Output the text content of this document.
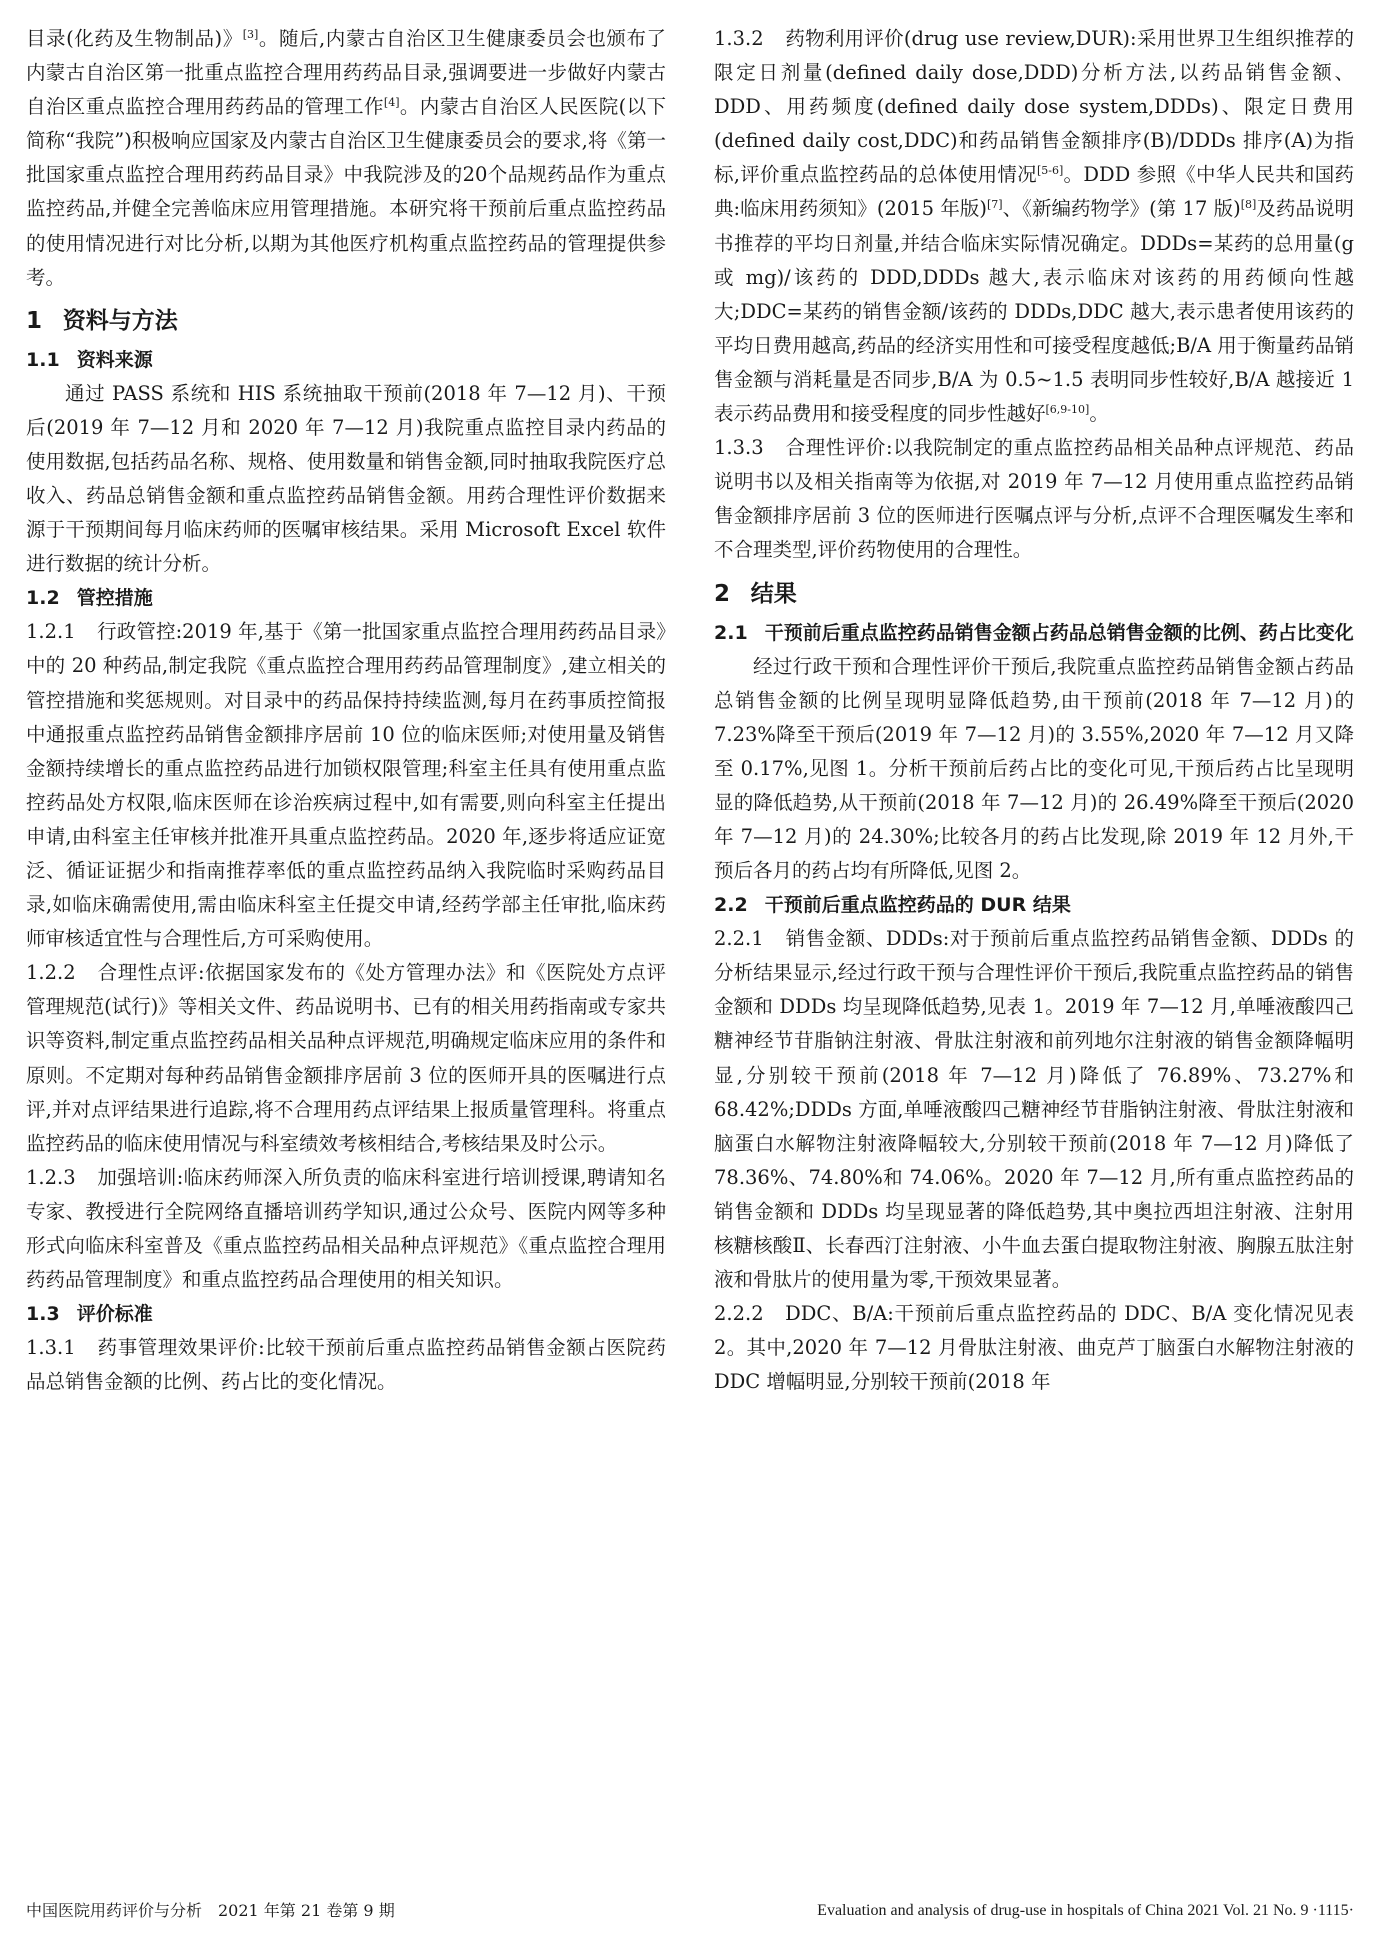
目录(化药及生物制品)》[3]。随后,内蒙古自治区卫生健康委员会也颁布了内蒙古自治区第一批重点监控合理用药药品目录,强调要进一步做好内蒙古自治区重点监控合理用药药品的管理工作[4]。内蒙古自治区人民医院(以下简称“我院”)积极响应国家及内蒙古自治区卫生健康委员会的要求,将《第一批国家重点监控合理用药药品目录》中我院涉及的20个品规药品作为重点监控药品,并健全完善临床应用管理措施。本研究将干预前后重点监控药品的使用情况进行对比分析,以期为其他医疗机构重点监控药品的管理提供参考。

1 资料与方法
1.1 资料来源

通过 PASS 系统和 HIS 系统抽取干预前(2018 年 7—12 月)、干预后(2019 年 7—12 月和 2020 年 7—12 月)我院重点监控目录内药品的使用数据,包括药品名称、规格、使用数量和销售金额,同时抽取我院医疗总收入、药品总销售金额和重点监控药品销售金额。用药合理性评价数据来源于干预期间每月临床药师的医嘱审核结果。采用 Microsoft Excel 软件进行数据的统计分析。

1.2 管控措施

1.2.1 行政管控:2019 年,基于《第一批国家重点监控合理用药药品目录》中的 20 种药品,制定我院《重点监控合理用药药品管理制度》,建立相关的管控措施和奖惩规则。对目录中的药品保持持续监测,每月在药事质控简报中通报重点监控药品销售金额排序居前 10 位的临床医师;对使用量及销售金额持续增长的重点监控药品进行加锁权限管理;科室主任具有使用重点监控药品处方权限,临床医师在诊治疾病过程中,如有需要,则向科室主任提出申请,由科室主任审核并批准开具重点监控药品。2020 年,逐步将适应证宽泛、循证证据少和指南推荐率低的重点监控药品纳入我院临时采购药品目录,如临床确需使用,需由临床科室主任提交申请,经药学部主任审批,临床药师审核适宜性与合理性后,方可采购使用。

1.2.2 合理性点评:依据国家发布的《处方管理办法》和《医院处方点评管理规范(试行)》等相关文件、药品说明书、已有的相关用药指南或专家共识等资料,制定重点监控药品相关品种点评规范,明确规定临床应用的条件和原则。不定期对每种药品销售金额排序居前 3 位的医师开具的医嘱进行点评,并对点评结果进行追踪,将不合理用药点评结果上报质量管理科。将重点监控药品的临床使用情况与科室绩效考核相结合,考核结果及时公示。

1.2.3 加强培训:临床药师深入所负责的临床科室进行培训授课,聘请知名专家、教授进行全院网络直播培训药学知识,通过公众号、医院内网等多种形式向临床科室普及《重点监控药品相关品种点评规范》《重点监控合理用药药品管理制度》和重点监控药品合理使用的相关知识。

1.3 评价标准

1.3.1 药事管理效果评价:比较干预前后重点监控药品销售金额占医院药品总销售金额的比例、药占比的变化情况。

1.3.2 药物利用评价(drug use review,DUR):采用世界卫生组织推荐的限定日剂量(defined daily dose,DDD)分析方法,以药品销售金额、DDD、用药频度(defined daily dose system,DDDs)、限定日费用(defined daily cost,DDC)和药品销售金额排序(B)/DDDs 排序(A)为指标,评价重点监控药品的总体使用情况[5-6]。DDD 参照《中华人民共和国药典:临床用药须知》(2015 年版)[7]、《新编药物学》(第 17 版)[8]及药品说明书推荐的平均日剂量,并结合临床实际情况确定。DDDs=某药的总用量(g 或 mg)/该药的 DDD,DDDs 越大,表示临床对该药的用药倾向性越大;DDC=某药的销售金额/该药的 DDDs,DDC 越大,表示患者使用该药的平均日费用越高,药品的经济实用性和可接受程度越低;B/A 用于衡量药品销售金额与消耗量是否同步,B/A 为 0.5~1.5 表明同步性较好,B/A 越接近 1 表示药品费用和接受程度的同步性越好[6,9-10]。

1.3.3 合理性评价:以我院制定的重点监控药品相关品种点评规范、药品说明书以及相关指南等为依据,对 2019 年 7—12 月使用重点监控药品销售金额排序居前 3 位的医师进行医嘱点评与分析,点评不合理医嘱发生率和不合理类型,评价药物使用的合理性。

2 结果
2.1 干预前后重点监控药品销售金额占药品总销售金额的比例、药占比变化

经过行政干预和合理性评价干预后,我院重点监控药品销售金额占药品总销售金额的比例呈现明显降低趋势,由干预前(2018 年 7—12 月)的 7.23%降至干预后(2019 年 7—12 月)的 3.55%,2020 年 7—12 月又降至 0.17%,见图 1。分析干预前后药占比的变化可见,干预后药占比呈现明显的降低趋势,从干预前(2018 年 7—12 月)的 26.49%降至干预后(2020 年 7—12 月)的 24.30%;比较各月的药占比发现,除 2019 年 12 月外,干预后各月的药占均有所降低,见图 2。

2.2 干预前后重点监控药品的 DUR 结果

2.2.1 销售金额、DDDs:对于预前后重点监控药品销售金额、DDDs 的分析结果显示,经过行政干预与合理性评价干预后,我院重点监控药品的销售金额和 DDDs 均呈现降低趋势,见表 1。2019 年 7—12 月,单唾液酸四己糖神经节苷脂钠注射液、骨肽注射液和前列地尔注射液的销售金额降幅明显,分别较干预前(2018 年 7—12 月)降低了 76.89%、73.27%和 68.42%;DDDs 方面,单唾液酸四己糖神经节苷脂钠注射液、骨肽注射液和脑蛋白水解物注射液降幅较大,分别较干预前(2018 年 7—12 月)降低了 78.36%、74.80%和 74.06%。2020 年 7—12 月,所有重点监控药品的销售金额和 DDDs 均呈现显著的降低趋势,其中奥拉西坦注射液、注射用核糖核酸Ⅱ、长春西汀注射液、小牛血去蛋白提取物注射液、胸腺五肽注射液和骨肽片的使用量为零,干预效果显著。

2.2.2 DDC、B/A:干预前后重点监控药品的 DDC、B/A 变化情况见表 2。其中,2020 年 7—12 月骨肽注射液、曲克芦丁脑蛋白水解物注射液的 DDC 增幅明显,分别较干预前(2018 年

中国医院用药评价与分析　2021 年第 21 卷第 9 期	Evaluation and analysis of drug-use in hospitals of China 2021 Vol. 21 No. 9 ·1115·
